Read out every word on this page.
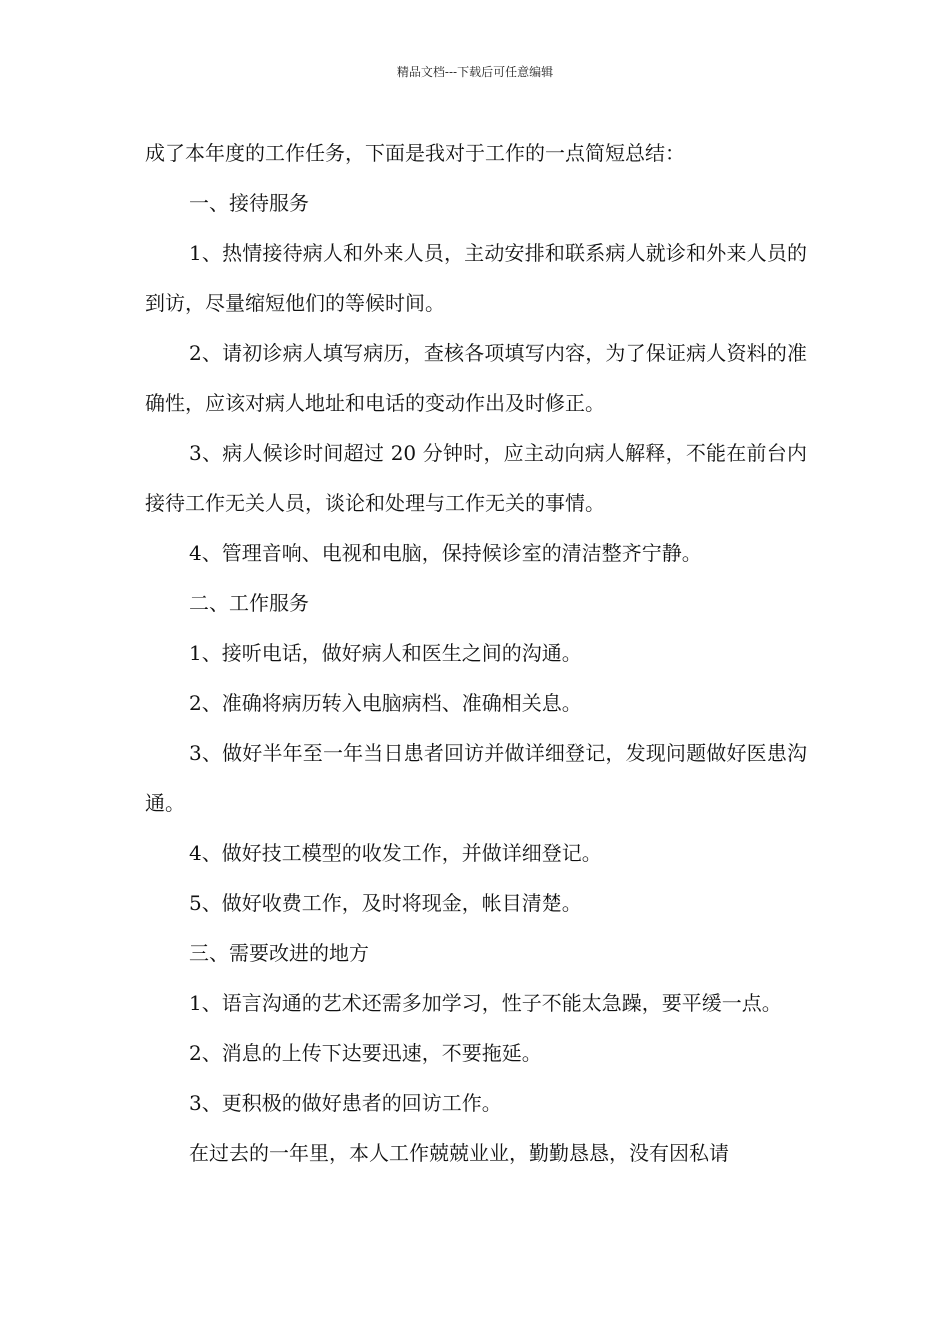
精品文档---下载后可任意编辑

成了本年度的工作任务，下面是我对于工作的一点简短总结：

一、接待服务

1、热情接待病人和外来人员，主动安排和联系病人就诊和外来人员的到访，尽量缩短他们的等候时间。

2、请初诊病人填写病历，查核各项填写内容，为了保证病人资料的准确性，应该对病人地址和电话的变动作出及时修正。

3、病人候诊时间超过 20 分钟时，应主动向病人解释，不能在前台内接待工作无关人员，谈论和处理与工作无关的事情。

4、管理音响、电视和电脑，保持候诊室的清洁整齐宁静。

二、工作服务

1、接听电话，做好病人和医生之间的沟通。

2、准确将病历转入电脑病档、准确相关息。

3、做好半年至一年当日患者回访并做详细登记，发现问题做好医患沟通。

4、做好技工模型的收发工作，并做详细登记。

5、做好收费工作，及时将现金，帐目清楚。

三、需要改进的地方

1、语言沟通的艺术还需多加学习，性子不能太急躁，要平缓一点。

2、消息的上传下达要迅速，不要拖延。

3、更积极的做好患者的回访工作。

在过去的一年里，本人工作兢兢业业，勤勤恳恳，没有因私请
